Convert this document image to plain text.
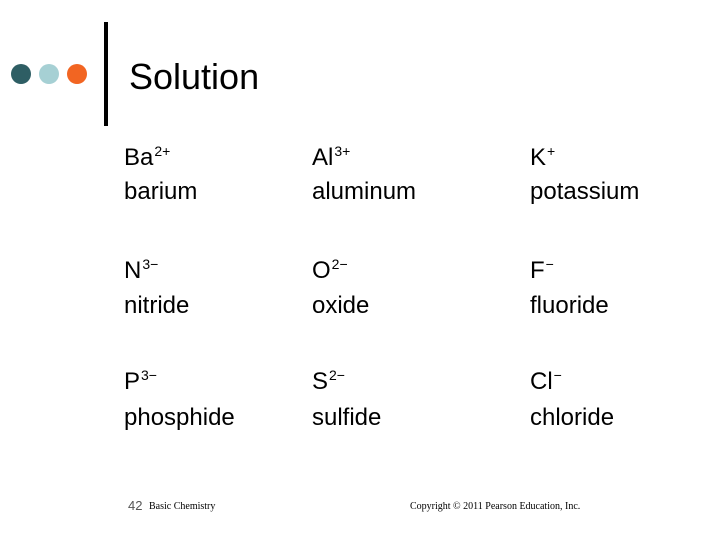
Solution
$Ba^{2+}$
barium
$Al^{3+}$
aluminum
K+
potassium
$N^{3-}$
nitride
$O^{2-}$
oxide
F−
fluoride
$P^{3-}$
phosphide
$S^{2-}$
sulfide
Cl−
chloride
42 Basic Chemistry	Copyright © 2011 Pearson Education, Inc.
